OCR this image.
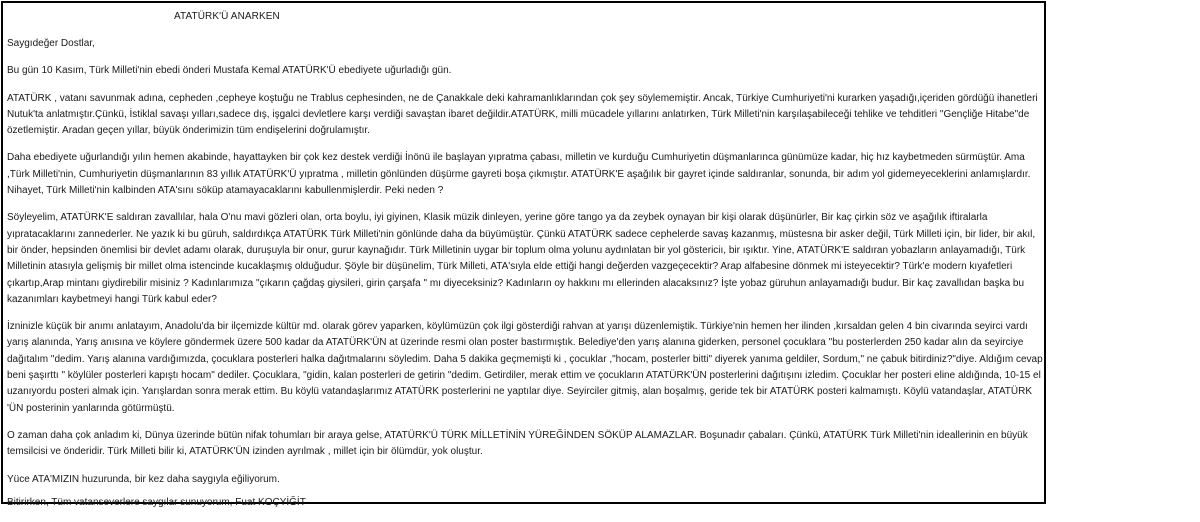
ATATÜRK'Ü ANARKEN

Saygıdeğer Dostlar,

Bu gün 10 Kasım, Türk Milleti'nin ebedi önderi Mustafa Kemal ATATÜRK'Ü ebediyete uğurladığı gün.

ATATÜRK , vatanı savunmak adına, cepheden ,cepheye koştuğu ne Trablus cephesinden, ne de Çanakkale deki kahramanlıklarından çok şey söylememiştir. Ancak, Türkiye Cumhuriyeti'ni kurarken yaşadığı,içeriden gördüğü ihanetleri Nutuk'ta anlatmıştır.Çünkü, İstiklal savaşı yılları,sadece dış, işgalci devletlere karşı verdiği savaştan ibaret değildir.ATATÜRK, milli mücadele yıllarını anlatırken, Türk Milleti'nin karşılaşabileceği tehlike ve tehditleri "Gençliğe Hitabe"de özetlemiştir. Aradan geçen yıllar, büyük önderimizin tüm endişelerini doğrulamıştır.

Daha ebediyete uğurlandığı yılın hemen akabinde, hayattayken bir çok kez destek verdiği İnönü ile başlayan yıpratma çabası, milletin ve kurduğu Cumhuriyetin düşmanlarınca günümüze kadar, hiç hız kaybetmeden sürmüştür. Ama ,Türk Milleti'nin, Cumhuriyetin düşmanlarının 83 yıllık ATATÜRK'Ü yıpratma , milletin gönlünden düşürme gayreti boşa çıkmıştır. ATATÜRK'E aşağılık bir gayret içinde saldıranlar, sonunda, bir adım yol gidemeyeceklerini anlamışlardır. Nihayet, Türk Milleti'nin kalbinden ATA'sını söküp atamayacaklarını kabullenmişlerdir. Peki neden ?

Söyleyelim, ATATÜRK'E saldıran zavallılar, hala O'nu mavi gözleri olan, orta boylu, iyi giyinen, Klasik müzik dinleyen, yerine göre tango ya da zeybek oynayan bir kişi olarak düşünürler, Bir kaç çirkin söz ve aşağılık iftiralarla yıpratacaklarını zannederler. Ne yazık ki bu güruh, saldırdıkça ATATÜRK Türk Milleti'nin gönlünde daha da büyümüştür. Çünkü ATATÜRK sadece cephelerde savaş kazanmış, müstesna bir asker değil, Türk Milleti için, bir lider, bir akıl, bir önder, hepsinden önemlisi bir devlet adamı olarak, duruşuyla bir onur, gurur kaynağıdır. Türk Milletinin uygar bir toplum olma yolunu aydınlatan bir yol göstericiı, bir ışıktır. Yine, ATATÜRK'E saldıran yobazların anlayamadığı, Türk Milletinin atasıyla gelişmiş bir millet olma istencinde kucaklaşmış olduğudur. Şöyle bir düşünelim, Türk Milleti, ATA'sıyla elde ettiği hangi değerden vazgeçecektir? Arap alfabesine dönmek mi isteyecektir? Türk'e modern kıyafetleri çıkartıp,Arap mintanı giydirebilir misiniz ? Kadınlarımıza "çıkarın çağdaş giysileri, girin çarşafa " mı diyeceksiniz? Kadınların oy hakkını mı ellerinden alacaksınız? İşte yobaz güruhun anlayamadığı budur. Bir kaç zavallıdan başka bu kazanımları kaybetmeyi hangi Türk kabul eder?

İzninizle küçük bir anımı anlatayım, Anadolu'da bir ilçemizde kültür md. olarak görev yaparken, köylümüzün çok ilgi gösterdiği rahvan at yarışı düzenlemiştik. Türkiye'nin hemen her ilinden ,kırsaldan gelen 4 bin civarında seyirci vardı yarış alanında, Yarış anısına ve köylere göndermek üzere 500 kadar da ATATÜRK'ÜN at üzerinde resmi olan poster bastırmıştık. Belediye'den yarış alanına giderken, personel çocuklara "bu posterlerden 250 kadar alın da seyirciye dağıtalım "dedim. Yarış alanına vardığımızda, çocuklara posterleri halka dağıtmalarını söyledim. Daha 5 dakika geçmemişti ki , çocuklar ,"hocam, posterler bitti" diyerek yanıma geldiler, Sordum," ne çabuk bitirdiniz?"diye. Aldığım cevap beni şaşırttı " köylüler posterleri kapıştı hocam" dediler. Çocuklara, "gidin, kalan posterleri de getirin "dedim. Getirdiler, merak ettim ve çocukların ATATÜRK'ÜN posterlerini dağıtışını izledim. Çocuklar her posteri eline aldığında, 10-15 el uzanıyordu posteri almak için. Yarışlardan sonra merak ettim. Bu köylü vatandaşlarımız ATATÜRK posterlerini ne yaptılar diye. Seyirciler gitmiş, alan boşalmış, geride tek bir ATATÜRK posteri kalmamıştı. Köylü vatandaşlar, ATATÜRK 'ÜN posterinin yanlarında götürmüştü.

O zaman daha çok anladım ki, Dünya üzerinde bütün nifak tohumları bir araya gelse, ATATÜRK'Ü TÜRK MİLLETİNİN YÜREĞİNDEN SÖKÜP ALAMAZLAR. Boşunadır çabaları. Çünkü, ATATÜRK Türk Milleti'nin ideallerinin en büyük temsilcisi ve önderidir. Türk Milleti bilir ki, ATATÜRK'ÜN izinden ayrılmak , millet için bir ölümdür, yok oluştur.

Yüce ATA'MIZIN huzurunda, bir kez daha saygıyla eğiliyorum.

Bitirirken, Tüm vatanseverlere saygılar sunuyorum, Fuat KOÇYİĞİT
